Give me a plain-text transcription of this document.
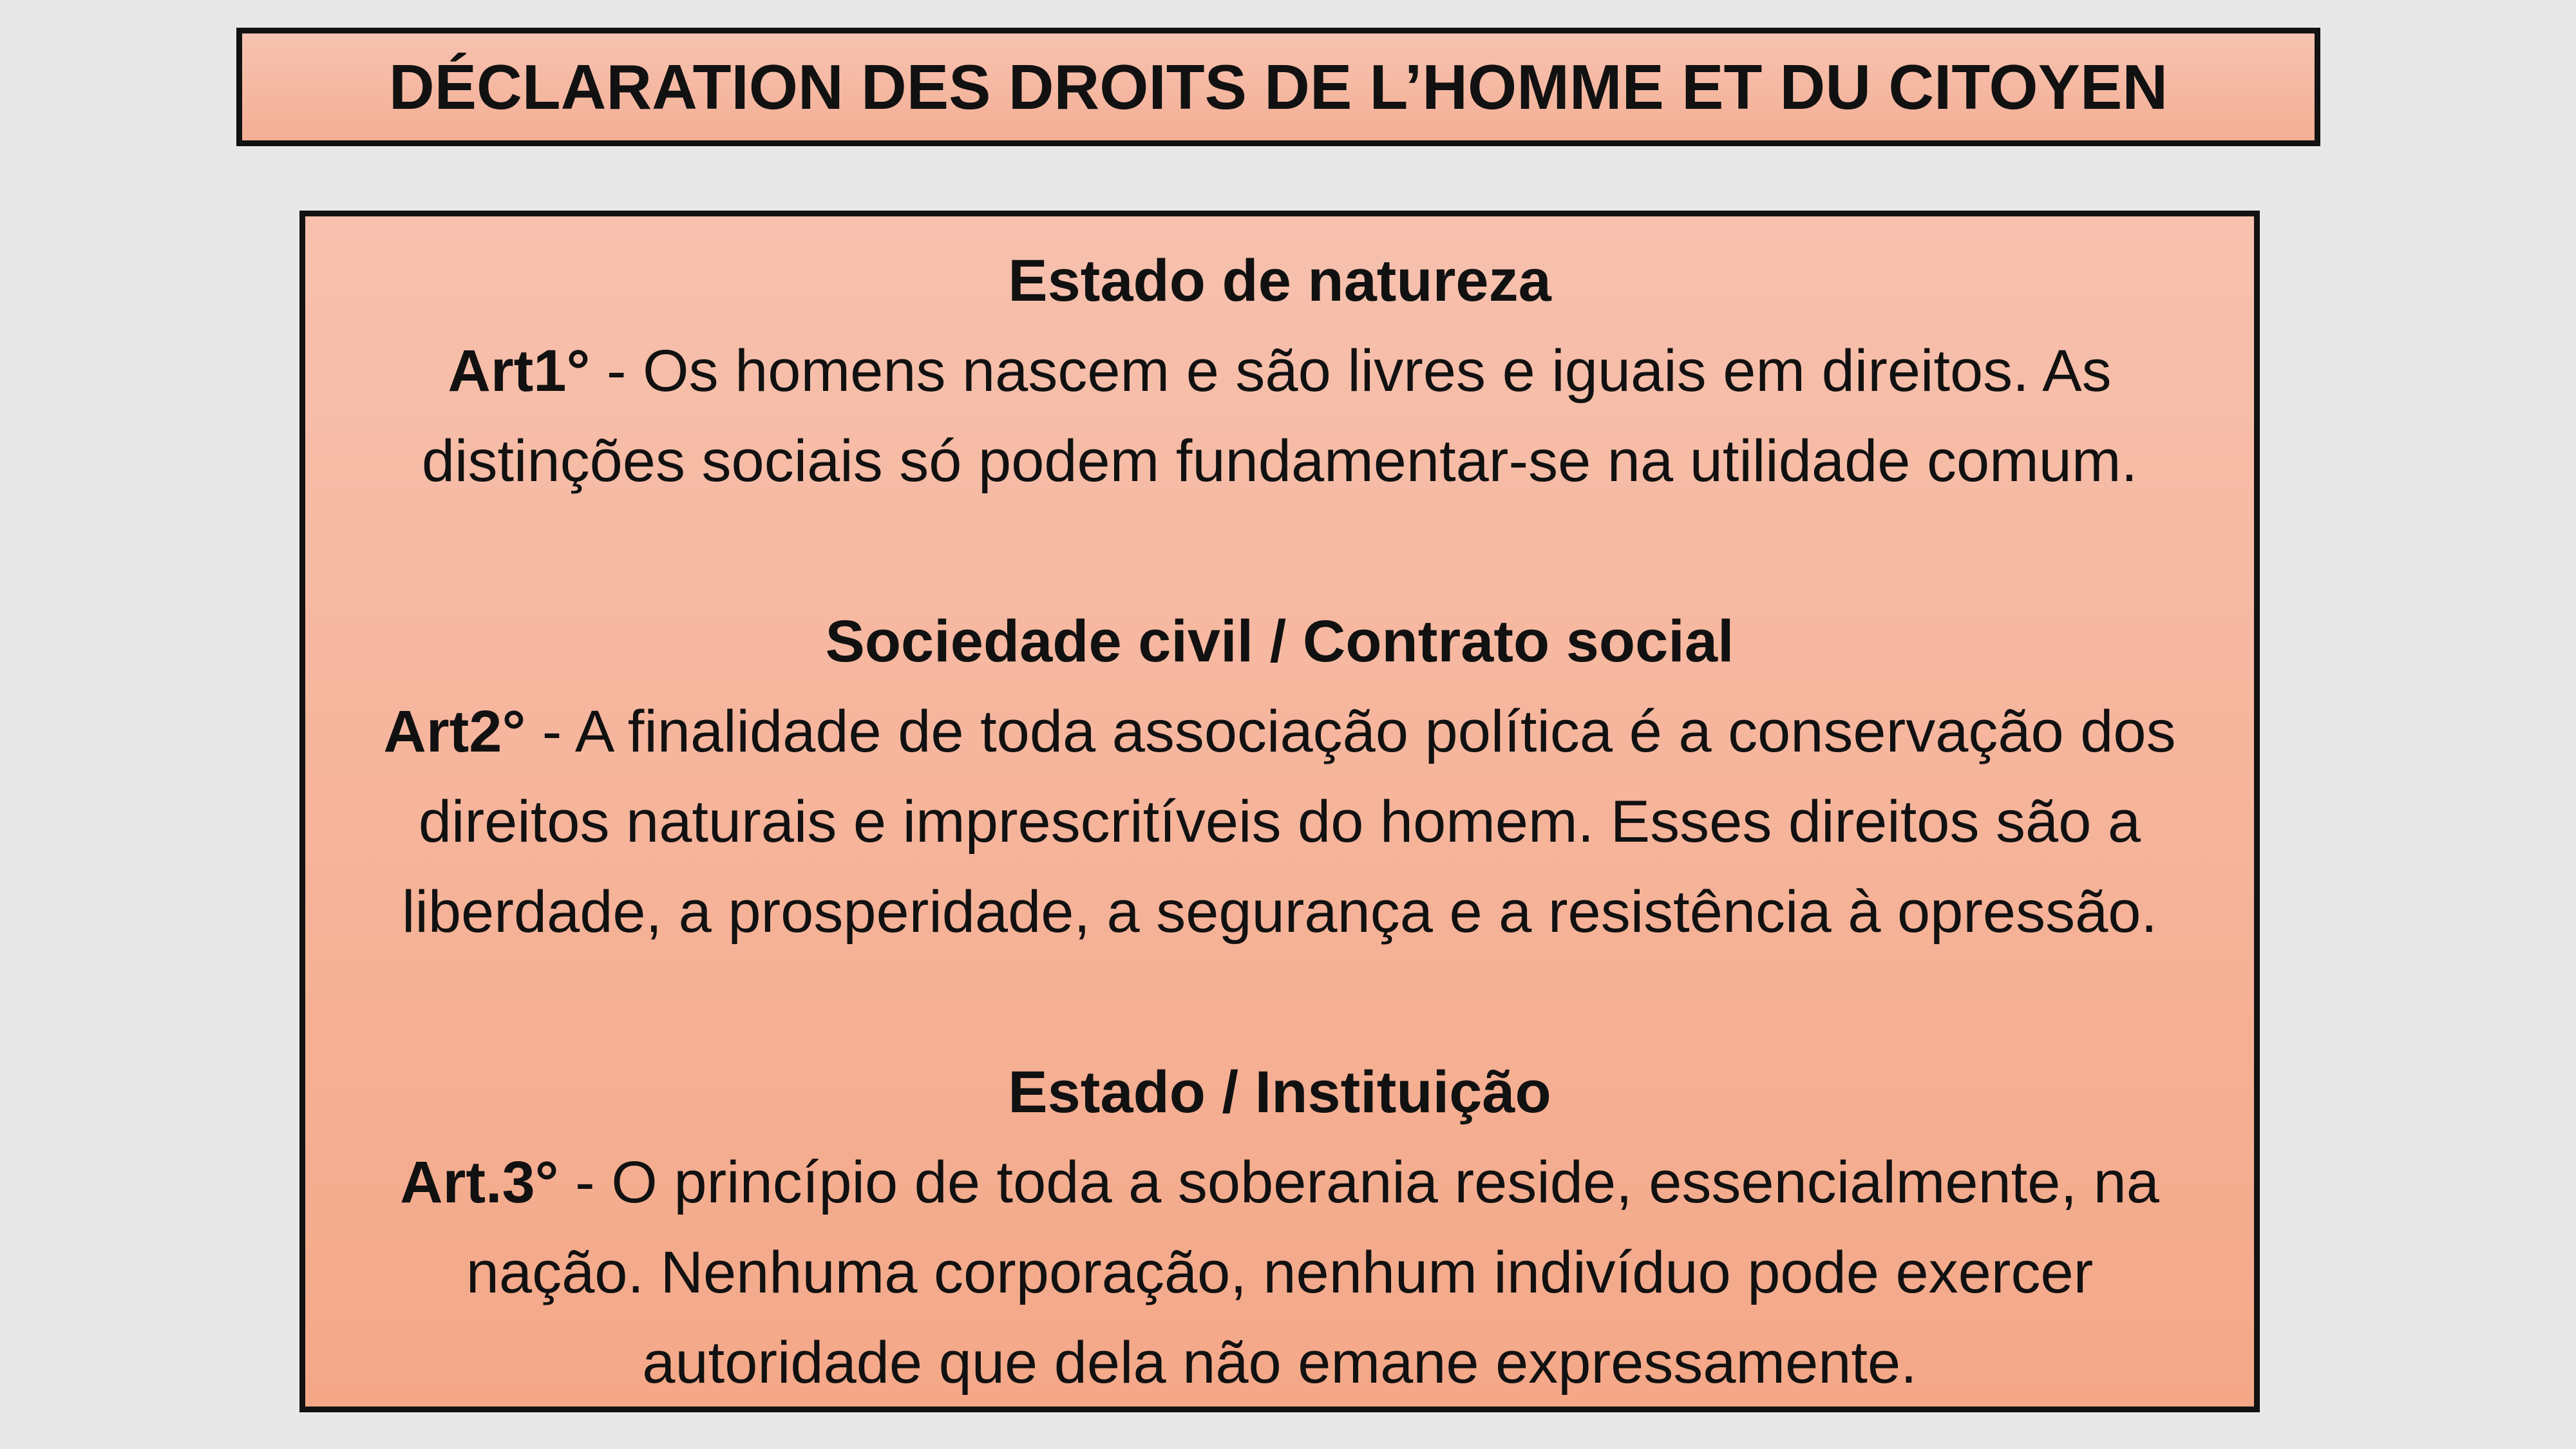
DÉCLARATION DES DROITS DE L’HOMME ET DU CITOYEN
Estado de natureza
Art1° - Os homens nascem e são livres e iguais em direitos. As
distinções sociais só podem fundamentar-se na utilidade comum.
Sociedade civil / Contrato social
Art2° - A finalidade de toda associação política é a conservação dos
direitos naturais e imprescritíveis do homem. Esses direitos são a
liberdade, a prosperidade, a segurança e a resistência à opressão.
Estado / Instituição
Art.3° - O princípio de toda a soberania reside, essencialmente, na
nação. Nenhuma corporação, nenhum indivíduo pode exercer
autoridade que dela não emane expressamente.
